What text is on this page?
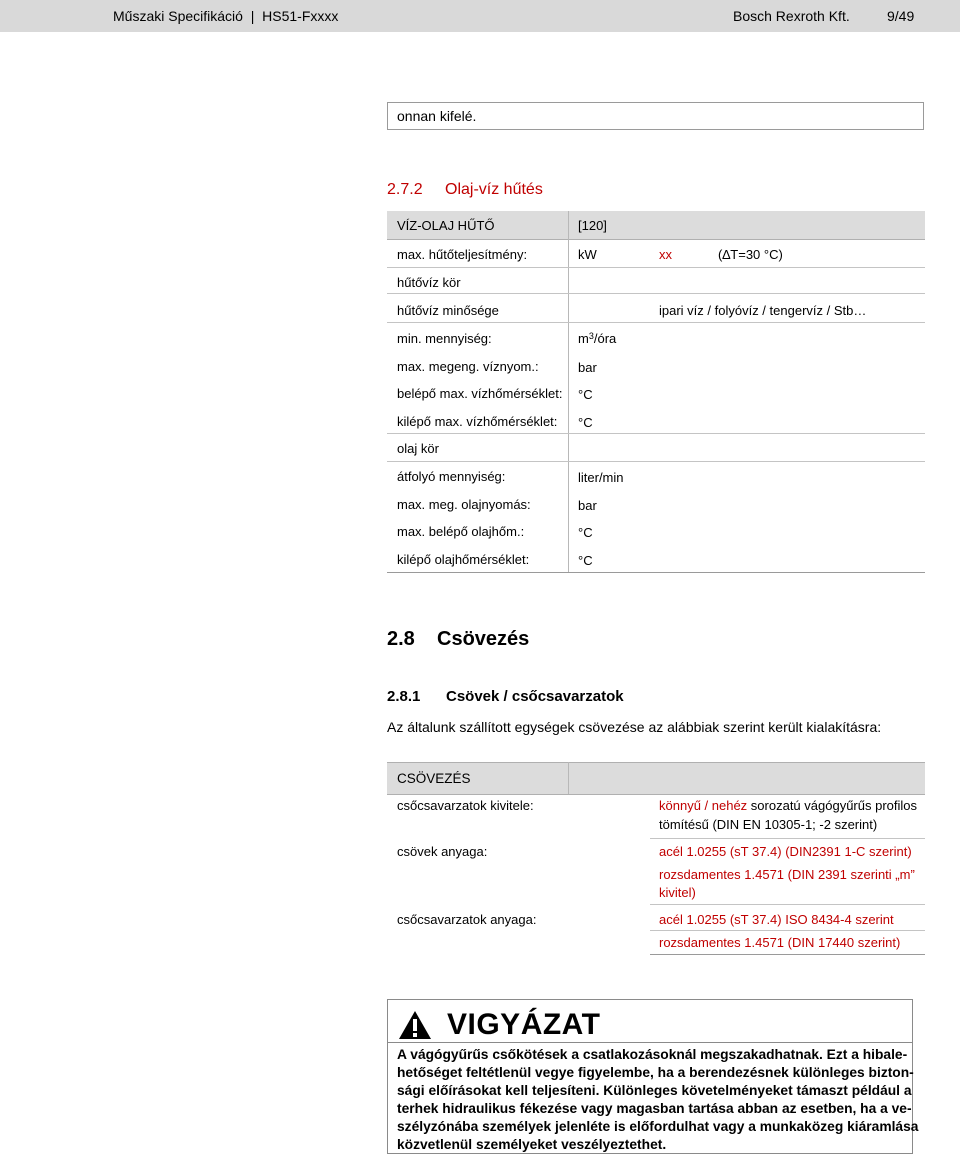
Műszaki Specifikáció  |  HS51-Fxxxx	Bosch Rexroth Kft.	9/49
onnan kifelé.
2.7.2 Olaj-víz hűtés
VÍZ-OLAJ HŰTŐ	[120]
max. hűtőteljesítmény:	kW	xx	(∆T=30 °C)
hűtővíz kör
hűtővíz minősége	ipari víz / folyóvíz / tengervíz / Stb…
min. mennyiség:	$m^3$/óra
max. megeng. víznyom.:	bar
belépő max. vízhőmérséklet: °C
kilépő max. vízhőmérséklet: °C
olaj kör
átfolyó mennyiség:	liter/min
max. meg. olajnyomás:	bar
max. belépő olajhőm.:	°C
kilépő olajhőmérséklet:	°C
2.8 Csövezés
2.8.1 Csövek / csőcsavarzatok
Az általunk szállított egységek csövezése az alábbiak szerint került kialakításra:
CSÖVEZÉS
csőcsavarzatok kivitele:	könnyű / nehéz sorozatú vágógyűrűs profilos
tömítésű (DIN EN 10305-1; -2 szerint)
csövek anyaga:	acél 1.0255 (sT 37.4) (DIN2391 1-C szerint)
rozsdamentes 1.4571 (DIN 2391 szerinti „m”
kivitel)
csőcsavarzatok anyaga:	acél 1.0255 (sT 37.4) ISO 8434-4 szerint
rozsdamentes 1.4571 (DIN 17440 szerint)
VIGYÁZAT
A vágógyűrűs csőkötések a csatlakozásoknál megszakadhatnak. Ezt a hibale-
hetőséget feltétlenül vegye figyelembe, ha a berendezésnek különleges bizton-
sági előírásokat kell teljesíteni. Különleges követelményeket támaszt például a
terhek hidraulikus fékezése vagy magasban tartása abban az esetben, ha a ve-
szélyzónába személyek jelenléte is előfordulhat vagy a munkaközeg kiáramlása
közvetlenül személyeket veszélyeztethet.
